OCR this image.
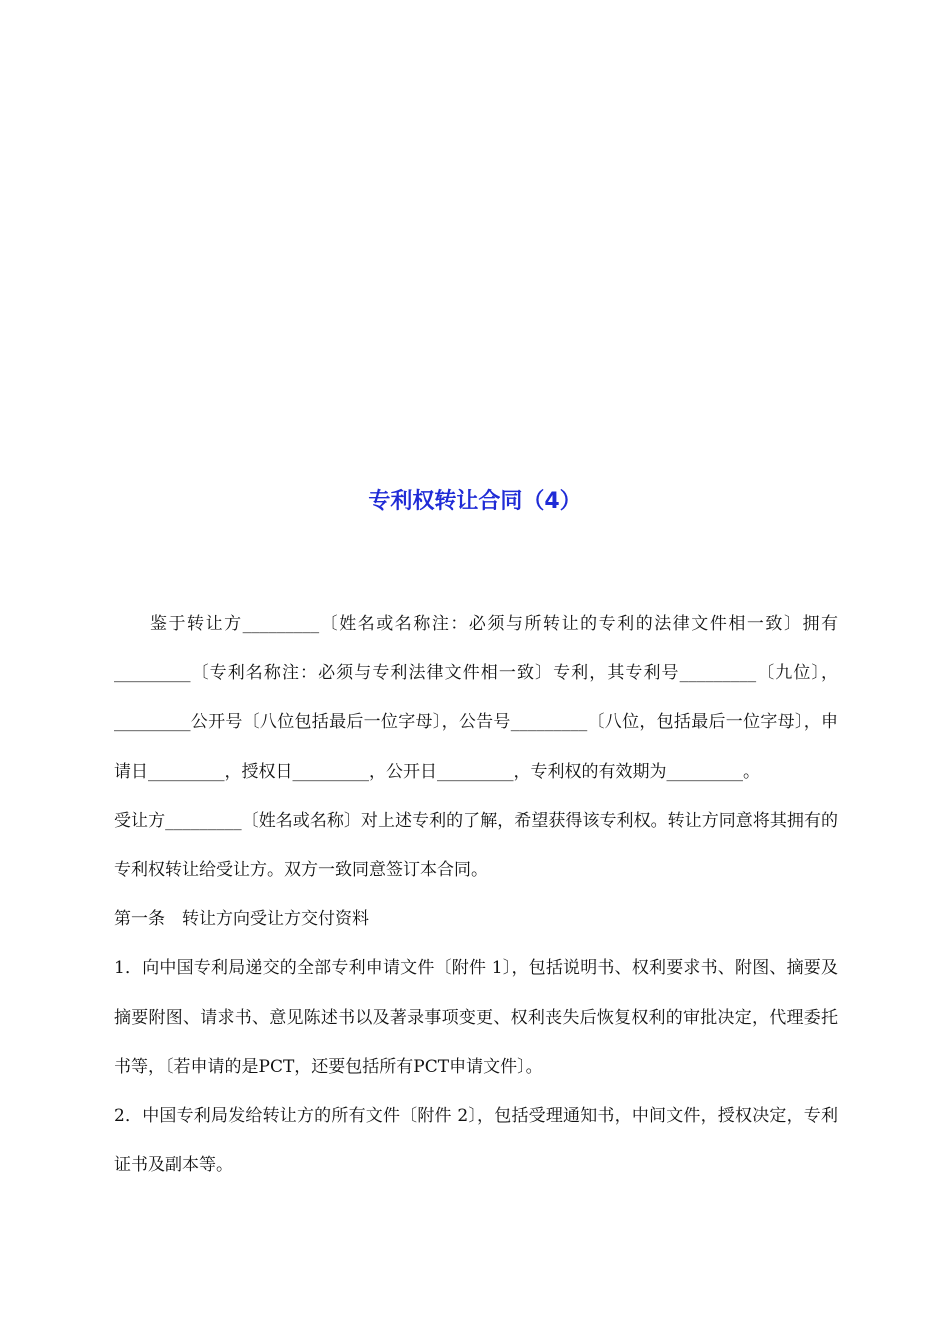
专利权转让合同（4）

鉴于转让方_________〔姓名或名称注：必须与所转让的专利的法律文件相一致〕拥有_________〔专利名称注：必须与专利法律文件相一致〕专利，其专利号_________〔九位〕，_________公开号〔八位包括最后一位字母〕，公告号_________〔八位，包括最后一位字母〕，申请日_________，授权日_________，公开日_________，专利权的有效期为_________。

受让方_________〔姓名或名称〕对上述专利的了解，希望获得该专利权。转让方同意将其拥有的专利权转让给受让方。双方一致同意签订本合同。

第一条　转让方向受让方交付资料

1．向中国专利局递交的全部专利申请文件〔附件 1〕，包括说明书、权利要求书、附图、摘要及摘要附图、请求书、意见陈述书以及著录事项变更、权利丧失后恢复权利的审批决定，代理委托书等，〔若申请的是PCT，还要包括所有PCT申请文件〕。

2．中国专利局发给转让方的所有文件〔附件 2〕，包括受理通知书，中间文件，授权决定，专利证书及副本等。
